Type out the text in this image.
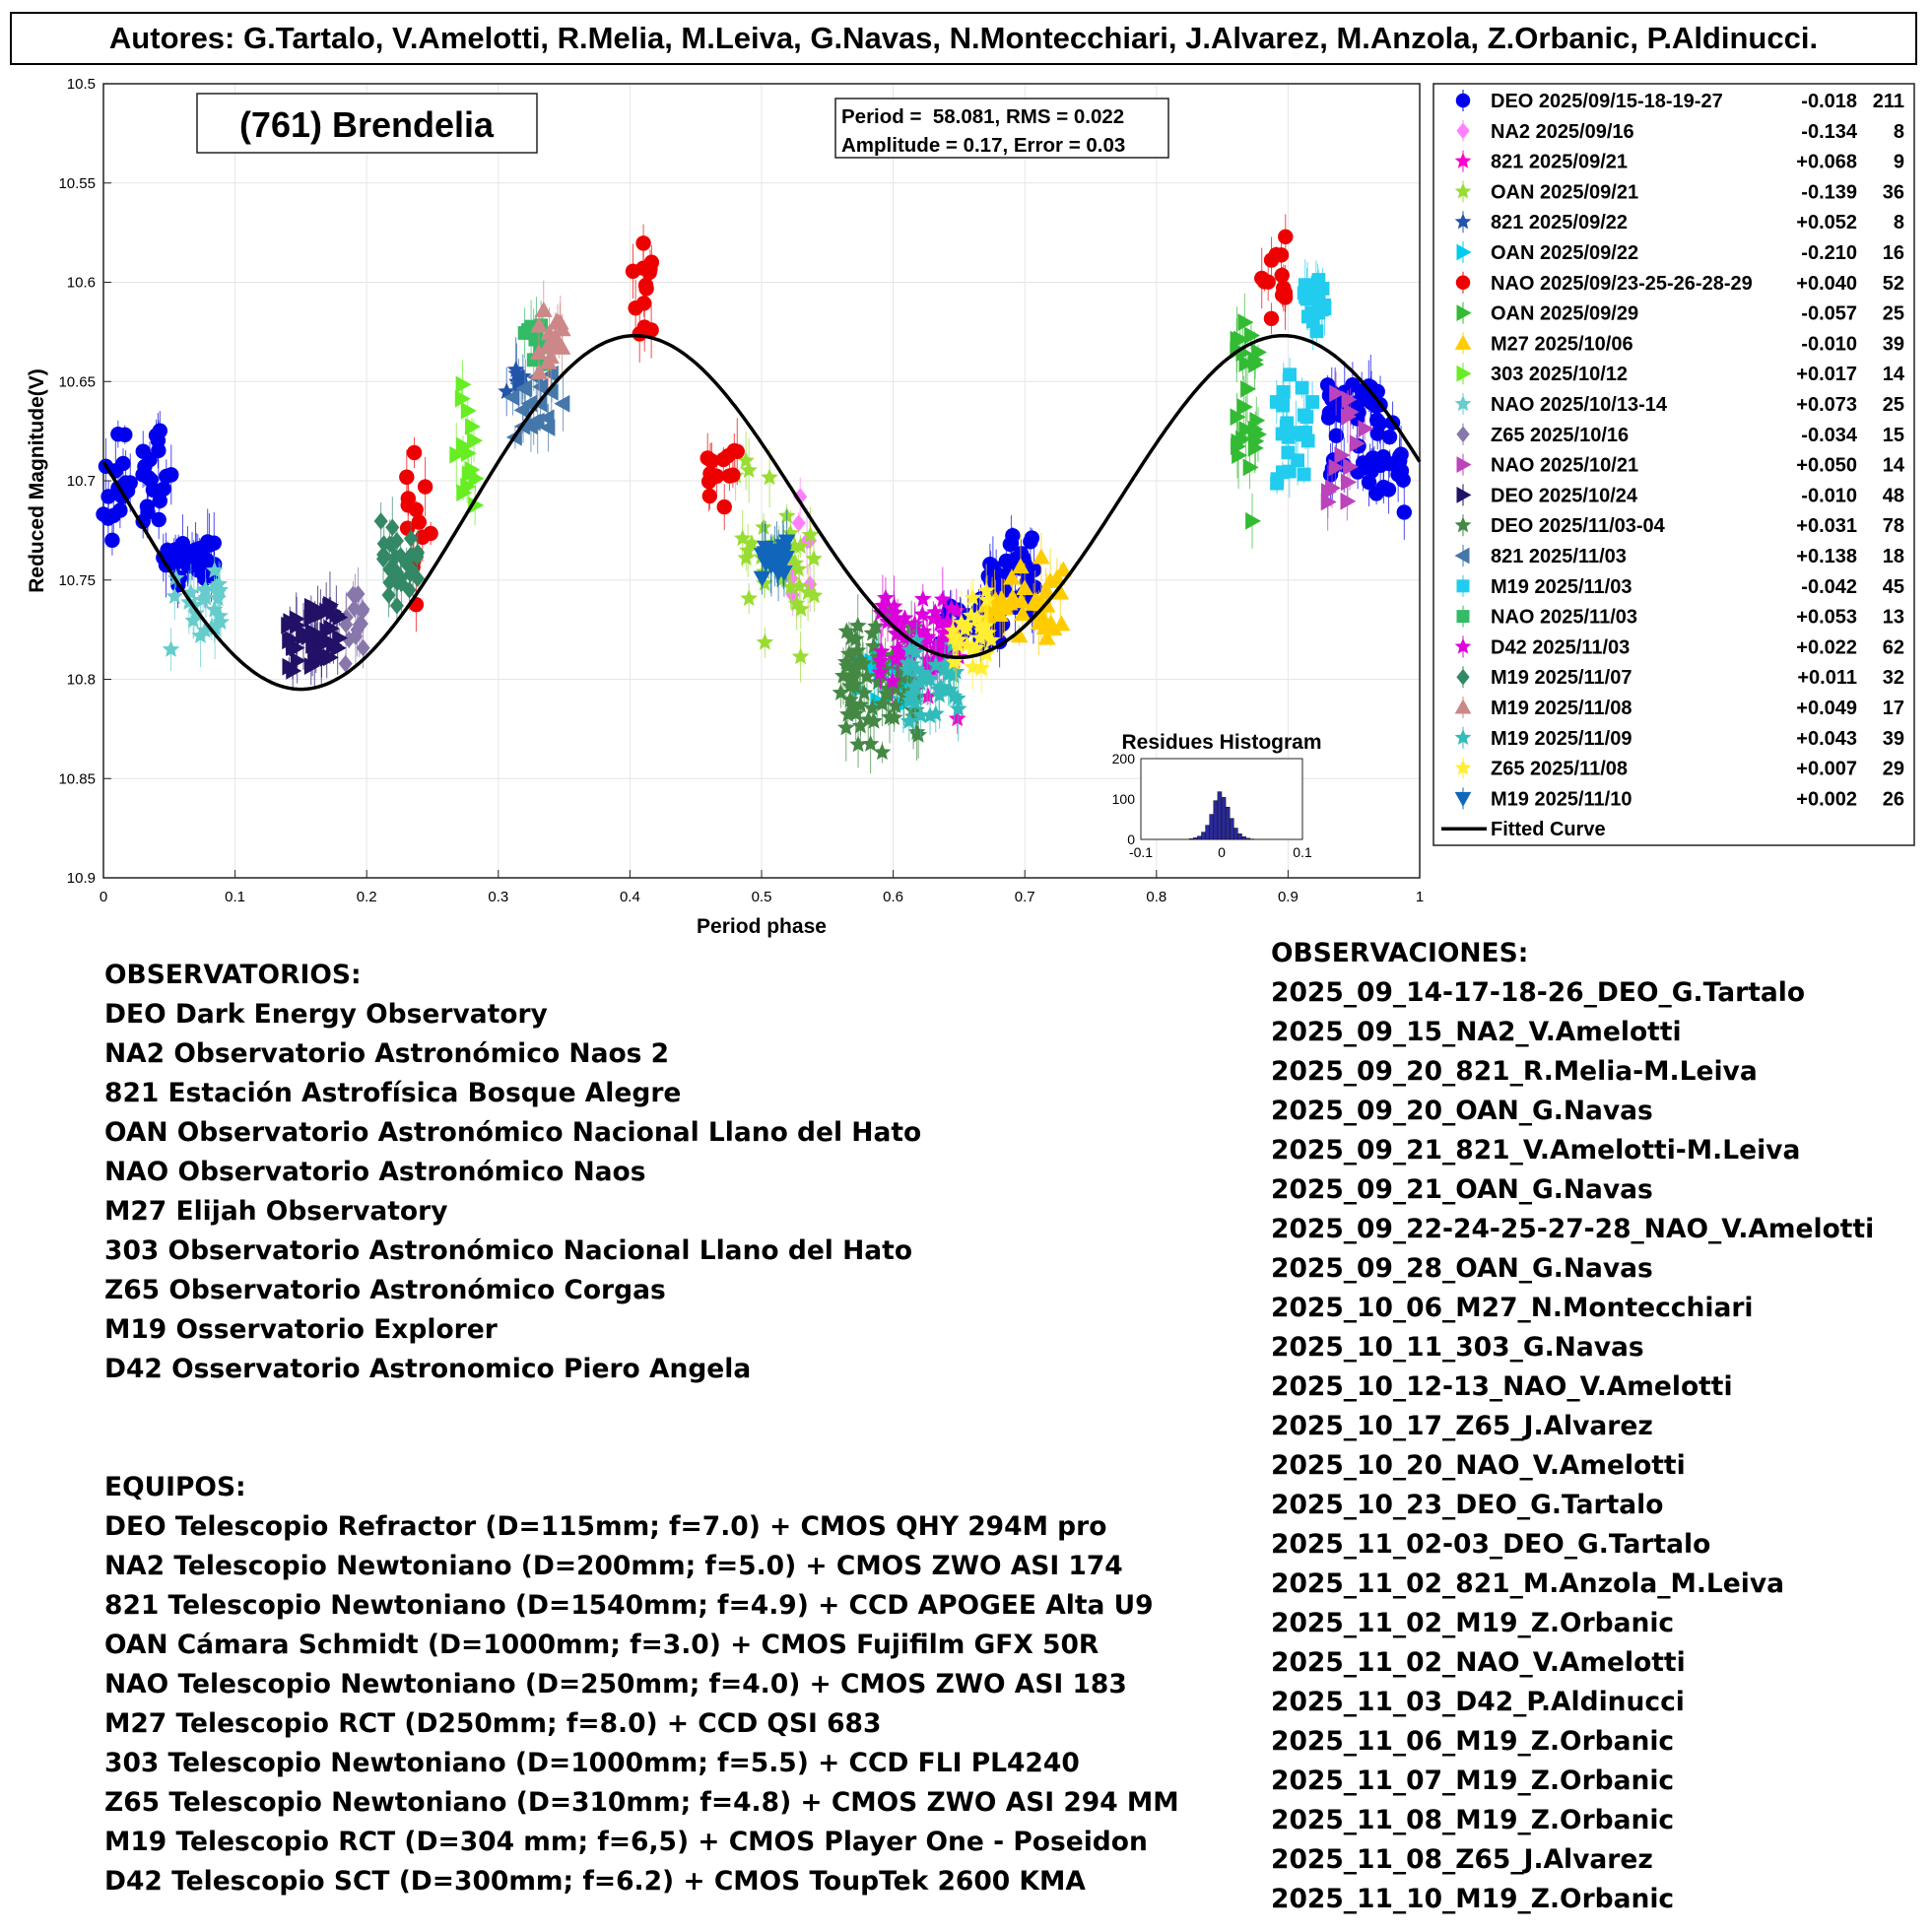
Autores: G.Tartalo, V.Amelotti, R.Melia, M.Leiva, G.Navas, N.Montecchiari, J.Alvarez, M.Anzola, Z.Orbanic, P.Aldinucci.
0	0.1	0.2	0.3	0.4	0.5	0.6	0.7	0.8	0.9	1
10.5
10.55
10.6
10.65
10.7
10.75
10.8
10.85
10.9
(761) Brendelia	Period =  58.081, RMS = 0.022
Amplitude = 0.17, Error = 0.03
Period phase
Reduced Magnitude(V)
Residues Histogram
-0.1	0	0.1
200
100
0
DEO 2025/09/15-18-19-27	-0.018 211
NA2 2025/09/16	-0.134 8
821 2025/09/21	+0.068 9
OAN 2025/09/21	-0.139 36
821 2025/09/22	+0.052 8
OAN 2025/09/22	-0.210 16
NAO 2025/09/23-25-26-28-29 +0.040 52
OAN 2025/09/29	-0.057 25
M27 2025/10/06	-0.010 39
303 2025/10/12	+0.017 14
NAO 2025/10/13-14	+0.073 25
Z65 2025/10/16	-0.034 15
NAO 2025/10/21	+0.050 14
DEO 2025/10/24	-0.010 48
DEO 2025/11/03-04	+0.031 78
821 2025/11/03	+0.138 18
M19 2025/11/03	-0.042 45
NAO 2025/11/03	+0.053 13
D42 2025/11/03	+0.022 62
M19 2025/11/07	+0.011 32
M19 2025/11/08	+0.049 17
M19 2025/11/09	+0.043 39
Z65 2025/11/08	+0.007 29
M19 2025/11/10	+0.002 26
Fitted Curve
OBSERVATORIOS:
DEO Dark Energy Observatory
NA2 Observatorio Astronómico Naos 2
821 Estación Astrofísica Bosque Alegre
OAN Observatorio Astronómico Nacional Llano del Hato
NAO Observatorio Astronómico Naos
M27 Elijah Observatory
303 Observatorio Astronómico Nacional Llano del Hato
Z65 Observatorio Astronómico Corgas
M19 Osservatorio Explorer
D42 Osservatorio Astronomico Piero Angela
EQUIPOS:
DEO Telescopio Refractor (D=115mm; f=7.0) + CMOS QHY 294M pro
NA2 Telescopio Newtoniano (D=200mm; f=5.0) + CMOS ZWO ASI 174
821 Telescopio Newtoniano (D=1540mm; f=4.9) + CCD APOGEE Alta U9
OAN Cámara Schmidt (D=1000mm; f=3.0) + CMOS Fujifilm GFX 50R
NAO Telescopio Newtoniano (D=250mm; f=4.0) + CMOS ZWO ASI 183
M27 Telescopio RCT (D250mm; f=8.0) + CCD QSI 683
303 Telescopio Newtoniano (D=1000mm; f=5.5) + CCD FLI PL4240
Z65 Telescopio Newtoniano (D=310mm; f=4.8) + CMOS ZWO ASI 294 MM
M19 Telescopio RCT (D=304 mm; f=6,5) + CMOS Player One - Poseidon
D42 Telescopio SCT (D=300mm; f=6.2) + CMOS ToupTek 2600 KMA
OBSERVACIONES:
2025_09_14-17-18-26_DEO_G.Tartalo
2025_09_15_NA2_V.Amelotti
2025_09_20_821_R.Melia-M.Leiva
2025_09_20_OAN_G.Navas
2025_09_21_821_V.Amelotti-M.Leiva
2025_09_21_OAN_G.Navas
2025_09_22-24-25-27-28_NAO_V.Amelotti
2025_09_28_OAN_G.Navas
2025_10_06_M27_N.Montecchiari
2025_10_11_303_G.Navas
2025_10_12-13_NAO_V.Amelotti
2025_10_17_Z65_J.Alvarez
2025_10_20_NAO_V.Amelotti
2025_10_23_DEO_G.Tartalo
2025_11_02-03_DEO_G.Tartalo
2025_11_02_821_M.Anzola_M.Leiva
2025_11_02_M19_Z.Orbanic
2025_11_02_NAO_V.Amelotti
2025_11_03_D42_P.Aldinucci
2025_11_06_M19_Z.Orbanic
2025_11_07_M19_Z.Orbanic
2025_11_08_M19_Z.Orbanic
2025_11_08_Z65_J.Alvarez
2025_11_10_M19_Z.Orbanic
